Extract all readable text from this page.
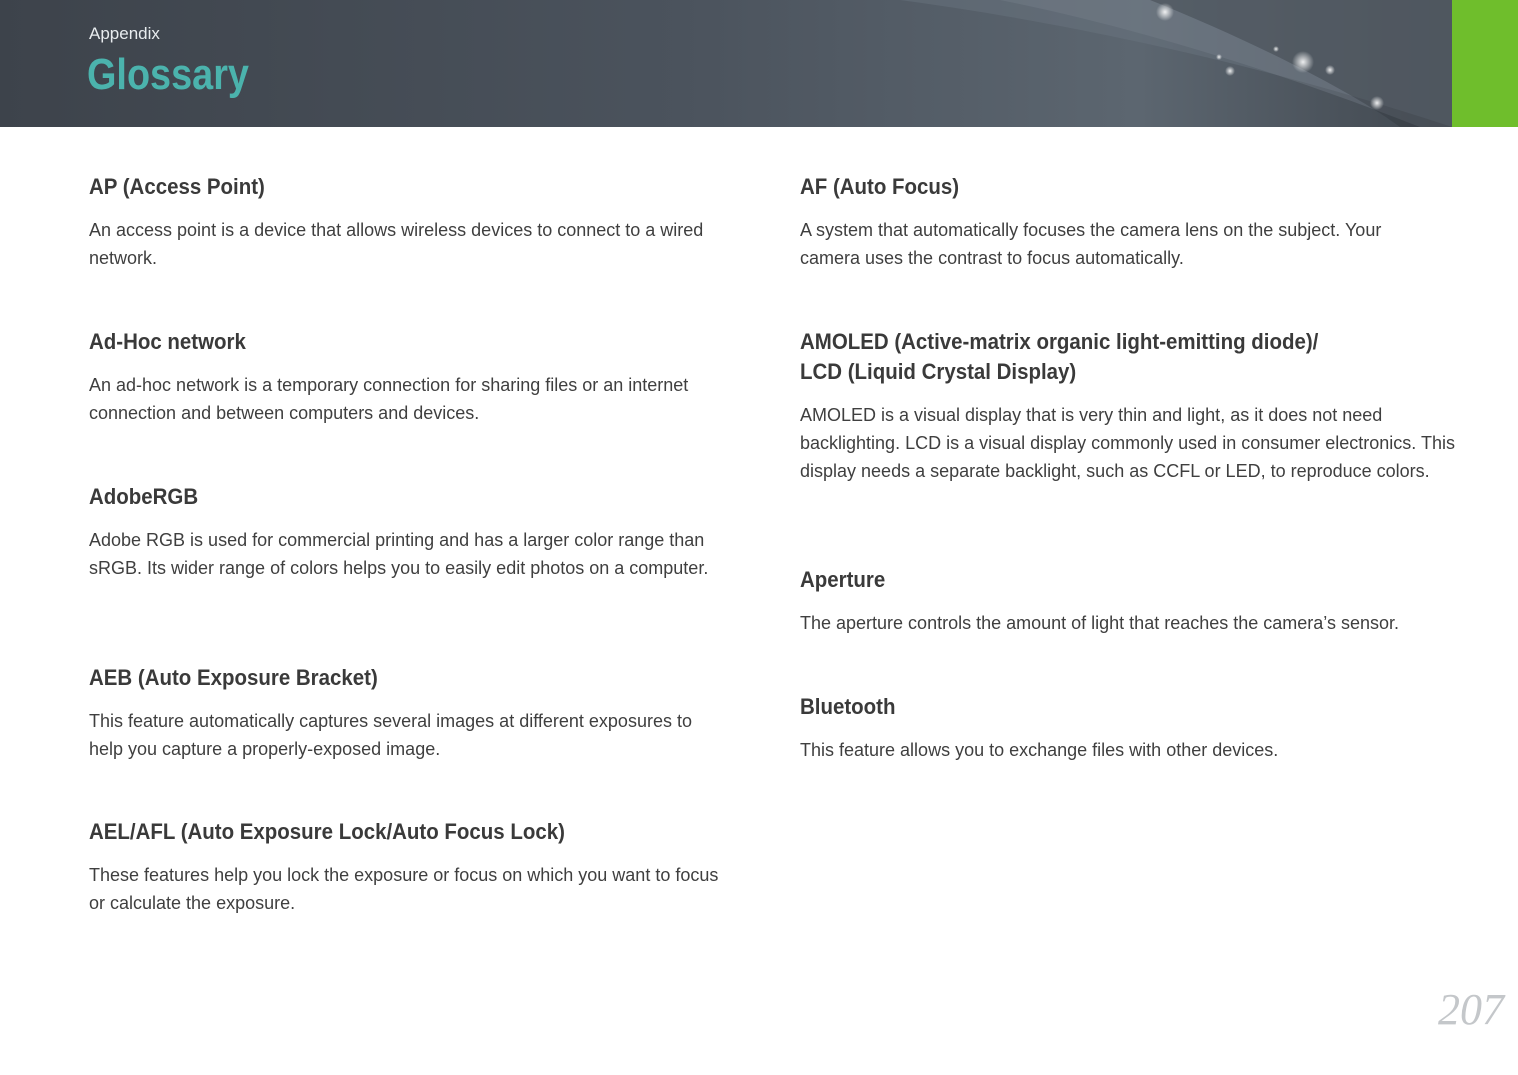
Appendix
Glossary
AP (Access Point)
An access point is a device that allows wireless devices to connect to a wired network.
Ad-Hoc network
An ad-hoc network is a temporary connection for sharing files or an internet connection and between computers and devices.
AdobeRGB
Adobe RGB is used for commercial printing and has a larger color range than sRGB. Its wider range of colors helps you to easily edit photos on a computer.
AEB (Auto Exposure Bracket)
This feature automatically captures several images at different exposures to help you capture a properly-exposed image.
AEL/AFL (Auto Exposure Lock/Auto Focus Lock)
These features help you lock the exposure or focus on which you want to focus or calculate the exposure.
AF (Auto Focus)
A system that automatically focuses the camera lens on the subject. Your camera uses the contrast to focus automatically.
AMOLED (Active-matrix organic light-emitting diode)/
LCD (Liquid Crystal Display)
AMOLED is a visual display that is very thin and light, as it does not need backlighting. LCD is a visual display commonly used in consumer electronics. This display needs a separate backlight, such as CCFL or LED, to reproduce colors.
Aperture
The aperture controls the amount of light that reaches the camera’s sensor.
Bluetooth
This feature allows you to exchange files with other devices.
207
